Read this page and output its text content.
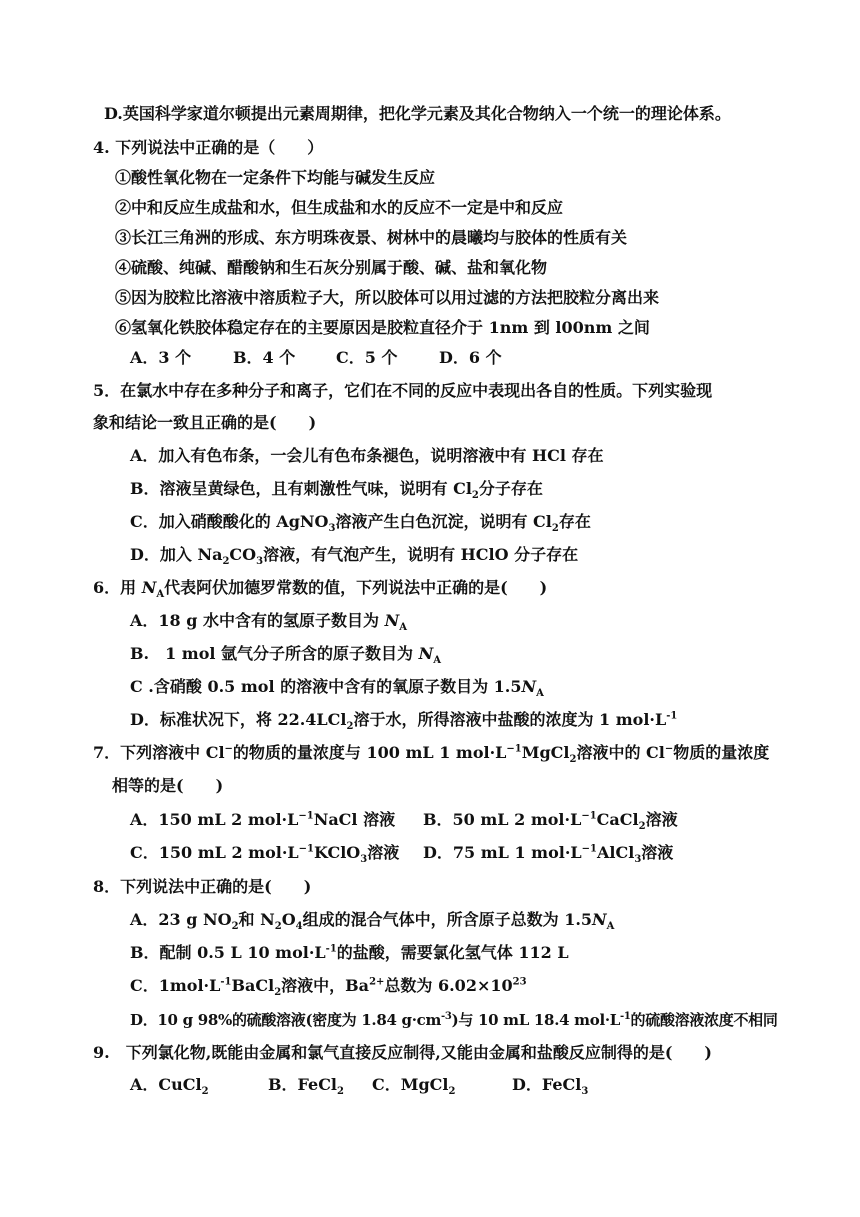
D.英国科学家道尔顿提出元素周期律，把化学元素及其化合物纳入一个统一的理论体系。
4. 下列说法中正确的是（　　）
①酸性氧化物在一定条件下均能与碱发生反应
②中和反应生成盐和水，但生成盐和水的反应不一定是中和反应
③长江三角洲的形成、东方明珠夜景、树林中的晨曦均与胶体的性质有关
④硫酸、纯碱、醋酸钠和生石灰分别属于酸、碱、盐和氧化物
⑤因为胶粒比溶液中溶质粒子大，所以胶体可以用过滤的方法把胶粒分离出来
⑥氢氧化铁胶体稳定存在的主要原因是胶粒直径介于 1nm 到 l00nm 之间
A．3 个	B．4 个	C．5 个	D．6 个
5．在氯水中存在多种分子和离子，它们在不同的反应中表现出各自的性质。下列实验现
象和结论一致且正确的是(　　)
A．加入有色布条，一会儿有色布条褪色，说明溶液中有 HCl 存在
B．溶液呈黄绿色，且有刺激性气味，说明有 $Cl_2$分子存在
C．加入硝酸酸化的 AgNO$_3$溶液产生白色沉淀，说明有 $Cl_2$存在
D．加入 $Na_2CO_3$溶液，有气泡产生，说明有 HClO 分子存在
6．用 $N_A$代表阿伏加德罗常数的值，下列说法中正确的是(　　)
A．18 g 水中含有的氢原子数目为 $N_A$
B.　1 mol 氩气分子所含的原子数目为 $N_A$
C .含硝酸 0.5 mol 的溶液中含有的氧原子数目为 $1.5N_A$
D．标准状况下，将 22.4LCl$_2$溶于水，所得溶液中盐酸的浓度为 1 $mol\cdot L^{-1}$
7．下列溶液中 Cl−的物质的量浓度与 100 mL 1 $mol\cdot L^{-1}MgCl_2$溶液中的 Cl−物质的量浓度
相等的是(　　)
A．150 mL 2 $mol\cdot L^{-1}NaCl$ 溶液 B．50 mL 2 $mol\cdot L^{-1}CaCl_2$溶液
C．150 mL 2 $mol\cdot L^{-1}KClO_3$溶液 D．75 mL 1 $mol\cdot L^{-1}AlCl_3$溶液
8．下列说法中正确的是(　　)
A．23 g $NO_2$和 $N_2O_4$组成的混合气体中，所含原子总数为 $1.5N_A$
B．配制 0.5 L 10 $mol\cdot L^{-1}$的盐酸，需要氯化氢气体 112 L
C．$1mol\cdot L^{-1}BaCl_2$溶液中，$Ba^{2+}$总数为 $6.02\times 10^{23}$
D．10 g 98%的硫酸溶液(密度为 1.84 $g\cdot cm^{-3}$)与 10 mL 18.4 $mol\cdot L^{-1}$的硫酸溶液浓度不相同
9.　下列氯化物,既能由金属和氯气直接反应制得,又能由金属和盐酸反应制得的是(　　)
A．CuCl$_2$	B．FeCl$_2$ C．MgCl$_2$	D．FeCl$_3$
